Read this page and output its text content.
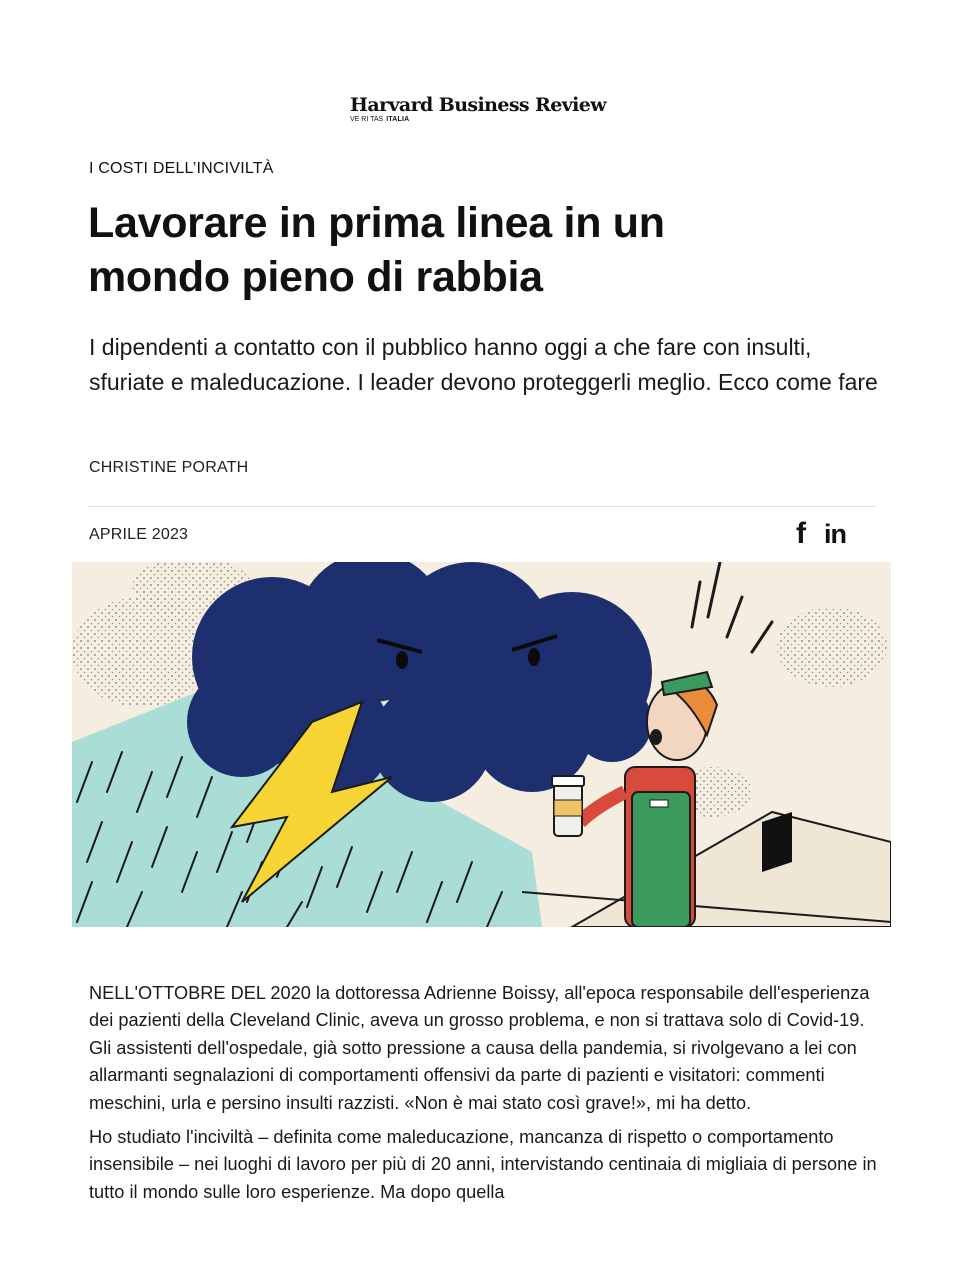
Harvard Business Review
VE RI TAS ITALIA
I COSTI DELL’INCIVILTÀ
Lavorare in prima linea in un mondo pieno di rabbia

I dipendenti a contatto con il pubblico hanno oggi a che fare con insulti, sfuriate e maleducazione. I leader devono proteggerli meglio. Ecco come fare

CHRISTINE PORATH
APRILE 2023	f in

NELL'OTTOBRE DEL 2020 la dottoressa Adrienne Boissy, all'epoca responsabile dell'esperienza dei pazienti della Cleveland Clinic, aveva un grosso problema, e non si trattava solo di Covid-19. Gli assistenti dell'ospedale, già sotto pressione a causa della pandemia, si rivolgevano a lei con allarmanti segnalazioni di comportamenti offensivi da parte di pazienti e visitatori: commenti meschini, urla e persino insulti razzisti. «Non è mai stato così grave!», mi ha detto.

Ho studiato l'inciviltà – definita come maleducazione, mancanza di rispetto o comportamento insensibile – nei luoghi di lavoro per più di 20 anni, intervistando centinaia di migliaia di persone in tutto il mondo sulle loro esperienze. Ma dopo quella
